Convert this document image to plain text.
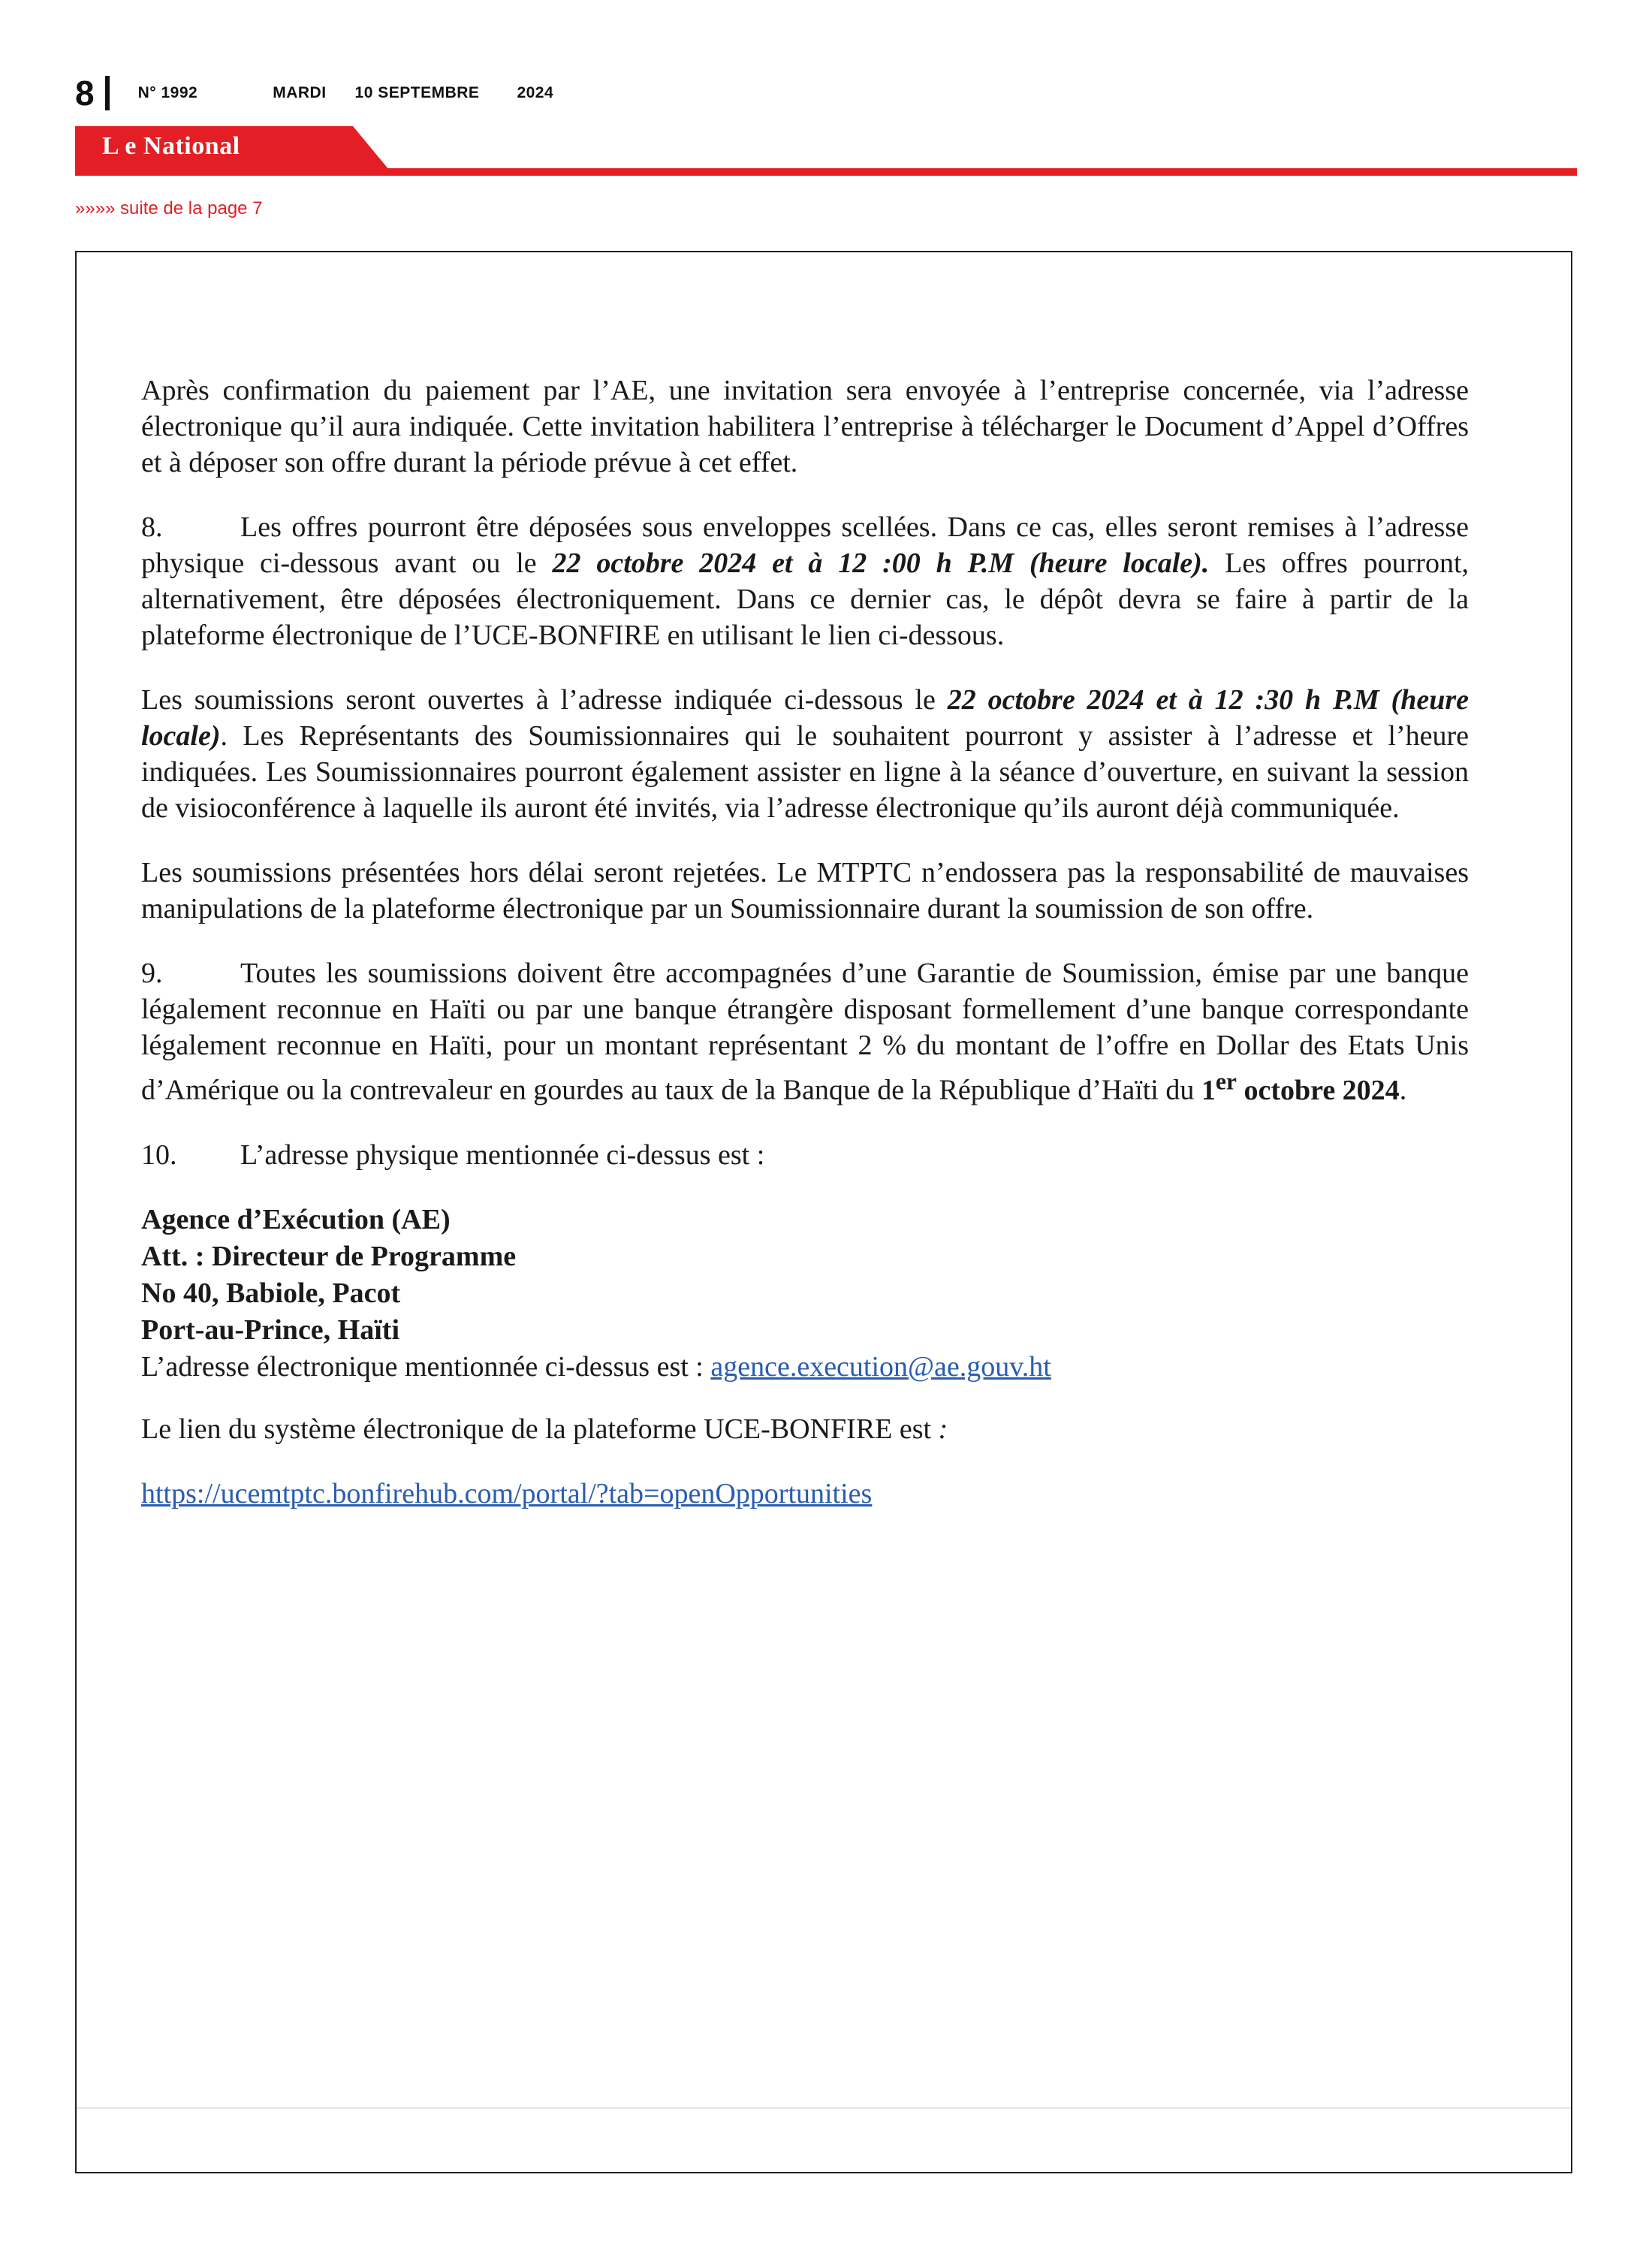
8	N° 1992	MARDI 10 SEPTEMBRE 2024
L e National
»»»» suite de la page 7

Après confirmation du paiement par l’AE, une invitation sera envoyée à l’entreprise concernée, via l’adresse électronique qu’il aura indiquée. Cette invitation habilitera l’entreprise à télécharger le Document d’Appel d’Offres et à déposer son offre durant la période prévue à cet effet.

8.	Les offres pourront être déposées sous enveloppes scellées. Dans ce cas, elles seront remises à l’adresse physique ci-dessous avant ou le 22 octobre 2024 et à 12 :00 h P.M (heure locale). Les offres pourront, alternativement, être déposées électroniquement. Dans ce dernier cas, le dépôt devra se faire à partir de la plateforme électronique de l’UCE-BONFIRE en utilisant le lien ci-dessous.

Les soumissions seront ouvertes à l’adresse indiquée ci-dessous le 22 octobre 2024 et à 12 :30 h P.M (heure locale). Les Représentants des Soumissionnaires qui le souhaitent pourront y assister à l’adresse et l’heure indiquées. Les Soumissionnaires pourront également assister en ligne à la séance d’ouverture, en suivant la session de visioconférence à laquelle ils auront été invités, via l’adresse électronique qu’ils auront déjà communiquée.

Les soumissions présentées hors délai seront rejetées. Le MTPTC n’endossera pas la responsabilité de mauvaises manipulations de la plateforme électronique par un Soumissionnaire durant la soumission de son offre.

9.	Toutes les soumissions doivent être accompagnées d’une Garantie de Soumission, émise par une banque légalement reconnue en Haïti ou par une banque étrangère disposant formellement d’une banque correspondante légalement reconnue en Haïti, pour un montant représentant 2 % du montant de l’offre en Dollar des Etats Unis d’Amérique ou la contrevaleur en gourdes au taux de la Banque de la République d’Haïti du 1er octobre 2024.

10. L’adresse physique mentionnée ci-dessus est :

Agence d’Exécution (AE)
Att. : Directeur de Programme
No 40, Babiole, Pacot
Port-au-Prince, Haïti
L’adresse électronique mentionnée ci-dessus est : agence.execution@ae.gouv.ht

Le lien du système électronique de la plateforme UCE-BONFIRE est :

https://ucemtptc.bonfirehub.com/portal/?tab=openOpportunities
